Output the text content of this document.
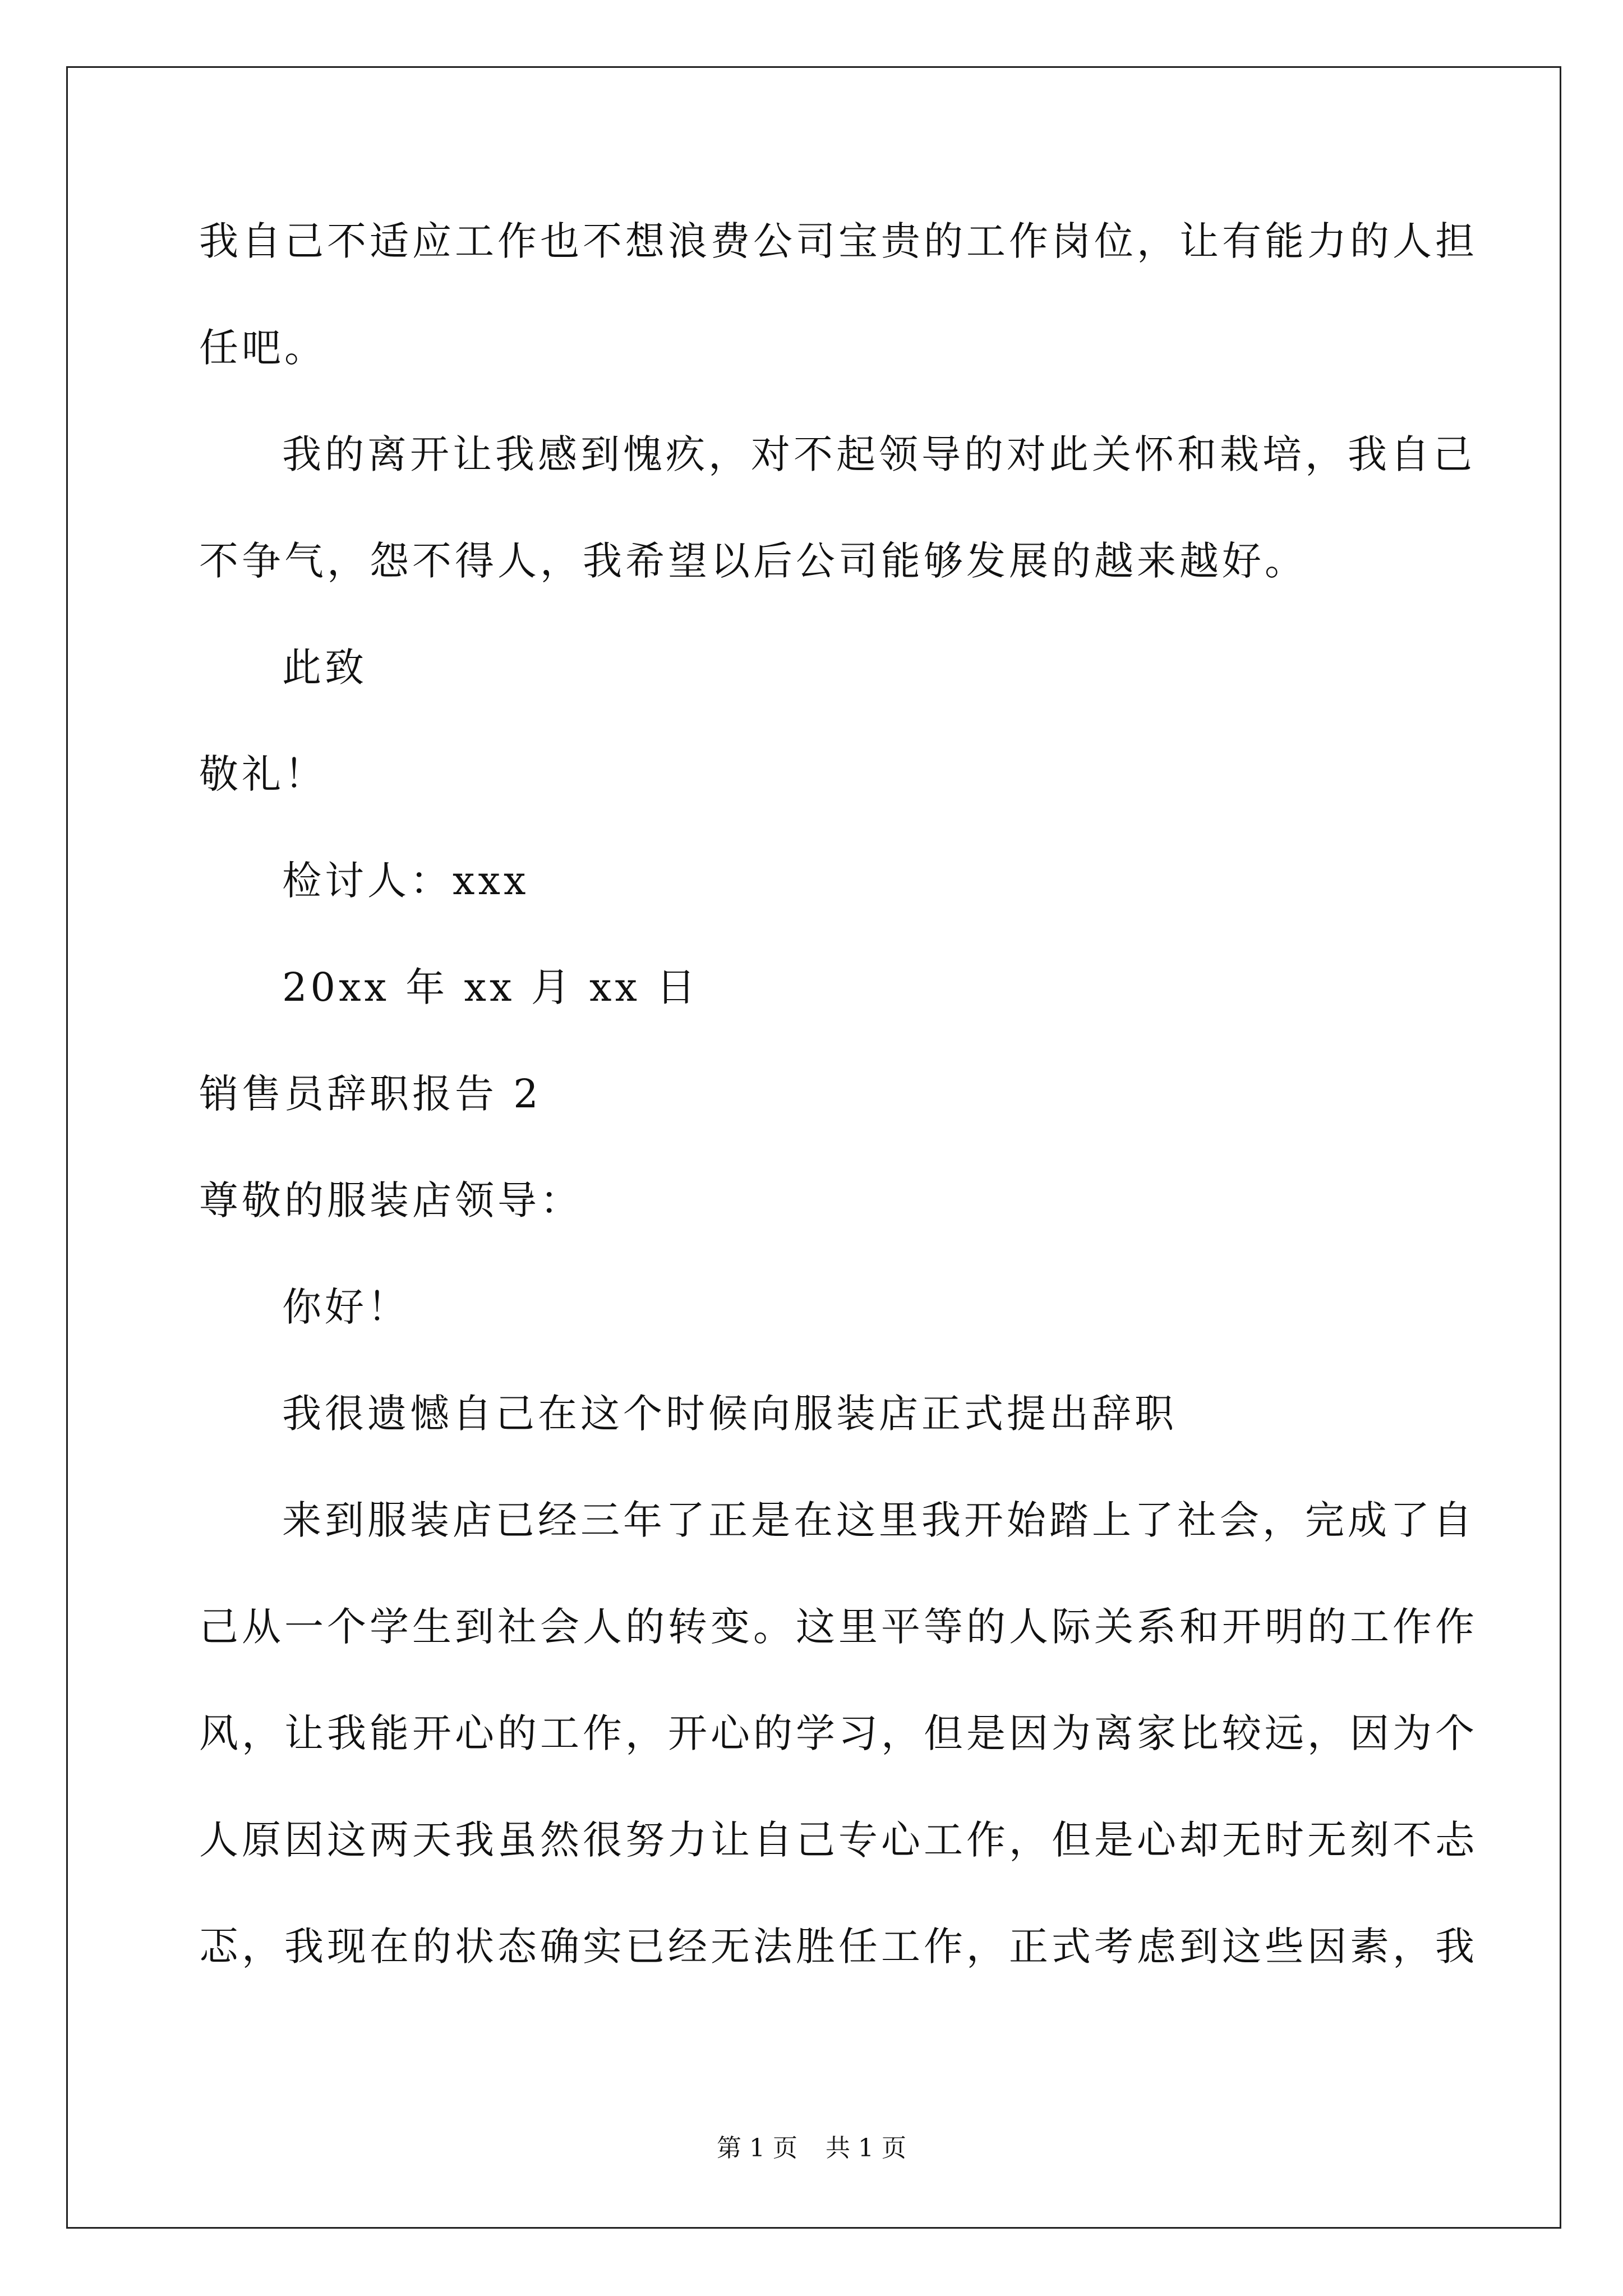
我自己不适应工作也不想浪费公司宝贵的工作岗位，让有能力的人担
任吧。
我的离开让我感到愧疚，对不起领导的对此关怀和栽培，我自己
不争气，怨不得人，我希望以后公司能够发展的越来越好。
此致
敬礼！
检讨人：xxx
20xx 年 xx 月 xx 日
销售员辞职报告 2
尊敬的服装店领导：
你好！
我很遗憾自己在这个时候向服装店正式提出辞职
来到服装店已经三年了正是在这里我开始踏上了社会，完成了自
己从一个学生到社会人的转变。这里平等的人际关系和开明的工作作
风，让我能开心的工作，开心的学习，但是因为离家比较远，因为个
人原因这两天我虽然很努力让自己专心工作，但是心却无时无刻不忐
忑，我现在的状态确实已经无法胜任工作，正式考虑到这些因素，我
第 1 页 共 1 页
